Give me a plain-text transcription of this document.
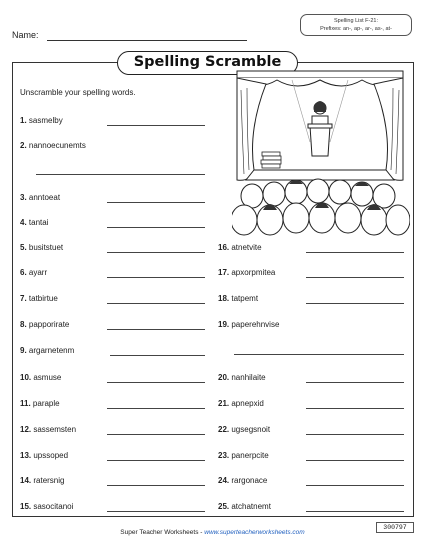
Name:
Spelling List F-21:
Prefixes: an-, ap-, ar-, as-, at-
Spelling Scramble
Unscramble your spelling words.
1. sasmelby
2. nannoecunemts
3. anntoeat
4. tantai
5. busitstuet
6. ayarr
7. tatbirtue
8. papporirate
9. argarnetenm
10. asmuse
11. paraple
12. sassemsten
13. upssoped
14. ratersnig
15. sasocitanoi
16. atnetvite
17. apxorpmitea
18. tatpemt
19. paperehnvise
20. nanhilaite
21. apnepxid
22. ugsegsnoit
23. panerpcite
24. rargonace
25. atchatnemt
Super Teacher Worksheets - www.superteacherworksheets.com
300797
